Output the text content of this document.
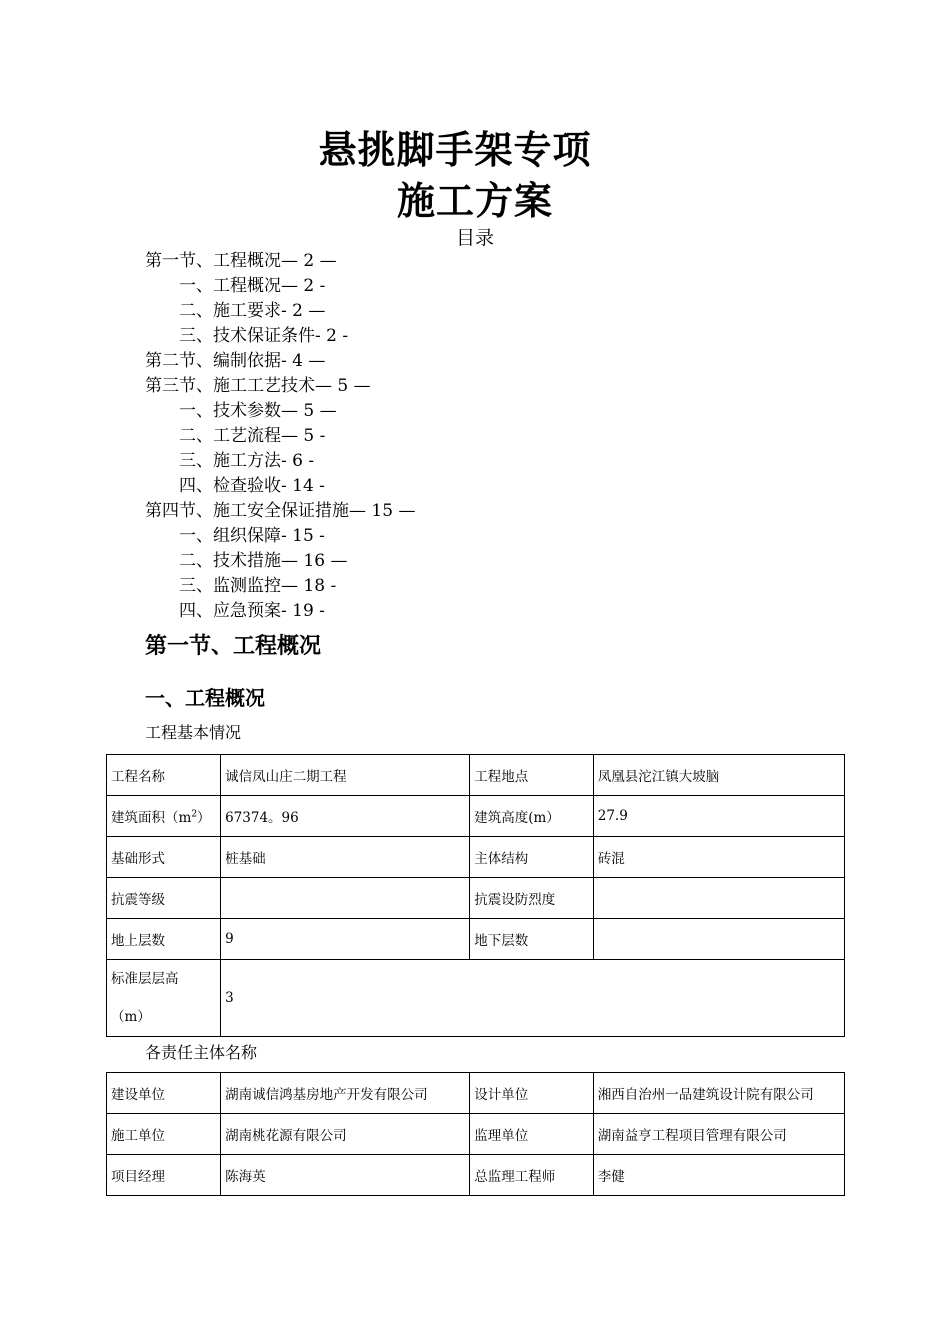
悬挑脚手架专项
施工方案
目录
第一节、工程概况— 2 —
一、工程概况— 2 -
二、施工要求- 2 —
三、技术保证条件- 2 -
第二节、编制依据- 4 —
第三节、施工工艺技术— 5 —
一、技术参数— 5 —
二、工艺流程— 5 -
三、施工方法- 6 -
四、检查验收- 14 -
第四节、施工安全保证措施— 15 —
一、组织保障- 15 -
二、技术措施— 16 —
三、监测监控— 18 -
四、应急预案- 19 -
第一节、工程概况
一、工程概况
工程基本情况
工程名称	诚信凤山庄二期工程	工程地点	凤凰县沱江镇大坡脑
建筑面积$(m^2)$	67374。96	建筑高度(m）	27.9
基础形式	桩基础	主体结构	砖混
抗震等级		抗震设防烈度	
地上层数	9	地下层数	

标准层层高
（m）	3		
各责任主体名称
建设单位	湖南诚信鸿基房地产开发有限公司	设计单位	湘西自治州一品建筑设计院有限公司
施工单位	湖南桃花源有限公司	监理单位	湖南益亨工程项目管理有限公司
项目经理	陈海英	总监理工程师	李健
